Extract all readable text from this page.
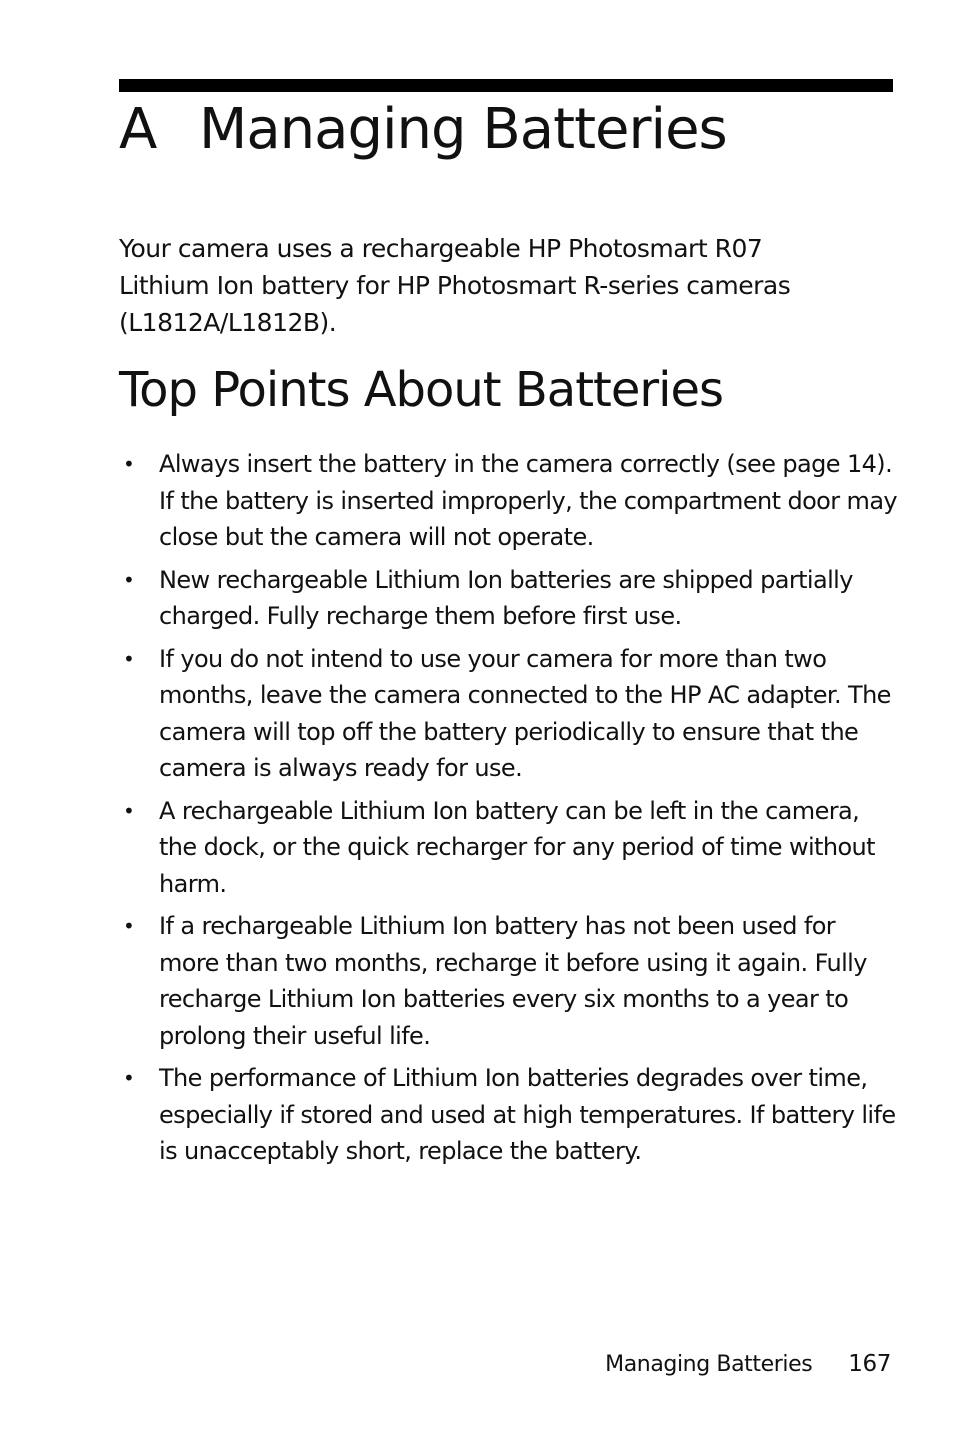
A Managing Batteries

Your camera uses a rechargeable HP Photosmart R07 Lithium Ion battery for HP Photosmart R-series cameras (L1812A/L1812B).

Top Points About Batteries
• Always insert the battery in the camera correctly (see page 14). If the battery is inserted improperly, the compartment door may close but the camera will not operate.
• New rechargeable Lithium Ion batteries are shipped partially charged. Fully recharge them before first use.
• If you do not intend to use your camera for more than two months, leave the camera connected to the HP AC adapter. The camera will top off the battery periodically to ensure that the camera is always ready for use.
• A rechargeable Lithium Ion battery can be left in the camera, the dock, or the quick recharger for any period of time without harm.
• If a rechargeable Lithium Ion battery has not been used for more than two months, recharge it before using it again. Fully recharge Lithium Ion batteries every six months to a year to prolong their useful life.
• The performance of Lithium Ion batteries degrades over time, especially if stored and used at high temperatures. If battery life is unacceptably short, replace the battery.
Managing Batteries 167
